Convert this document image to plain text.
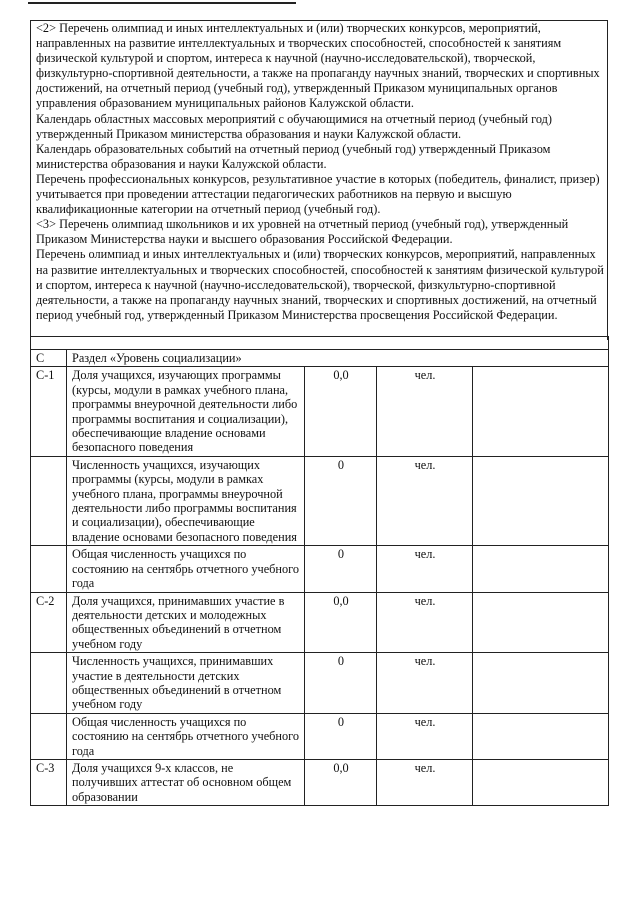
<2> Перечень олимпиад и иных интеллектуальных и (или) творческих конкурсов, мероприятий, направленных на развитие интеллектуальных и творческих способностей, способностей к занятиям физической культурой и спортом, интереса к научной (научно-исследовательской), творческой, физкультурно-спортивной деятельности, а также на пропаганду научных знаний, творческих и спортивных достижений, на отчетный период (учебный год), утвержденный Приказом муниципальных органов управления образованием муниципальных районов Калужской области.

Календарь областных массовых мероприятий с обучающимися на отчетный период (учебный год) утвержденный Приказом министерства образования и науки Калужской области.

Календарь образовательных событий на отчетный период (учебный год) утвержденный Приказом министерства образования и науки Калужской области.

Перечень профессиональных конкурсов, результативное участие в которых (победитель, финалист, призер) учитывается при проведении аттестации педагогических работников на первую и высшую квалификационные категории на отчетный период (учебный год).

<3> Перечень олимпиад школьников и их уровней на отчетный период (учебный год), утвержденный Приказом Министерства науки и высшего образования Российской Федерации.

Перечень олимпиад и иных интеллектуальных и (или) творческих конкурсов, мероприятий, направленных на развитие интеллектуальных и творческих способностей, способностей к занятиям физической культурой и спортом, интереса к научной (научно-исследовательской), творческой, физкультурно-спортивной деятельности, а также на пропаганду научных знаний, творческих и спортивных достижений, на отчетный период учебный год, утвержденный Приказом Министерства просвещения Российской Федерации.

С	Раздел «Уровень социализации»			
С-1	Доля учащихся, изучающих программы (курсы, модули в рамках учебного плана, программы внеурочной деятельности либо программы воспитания и социализации), обеспечивающие владение основами безопасного поведения	0,0	чел.	
	Численность учащихся, изучающих программы (курсы, модули в рамках учебного плана, программы внеурочной деятельности либо программы воспитания и социализации), обеспечивающие владение основами безопасного поведения	0	чел.	
	Общая численность учащихся по состоянию на сентябрь отчетного учебного года	0	чел.	
С-2	Доля учащихся, принимавших участие в деятельности детских и молодежных общественных объединений в отчетном учебном году	0,0	чел.	
	Численность учащихся, принимавших участие в деятельности детских общественных объединений в отчетном учебном году	0	чел.	
	Общая численность учащихся по состоянию на сентябрь отчетного учебного года	0	чел.	
С-3	Доля учащихся 9-х классов, не получивших аттестат об основном общем образовании	0,0	чел.	
